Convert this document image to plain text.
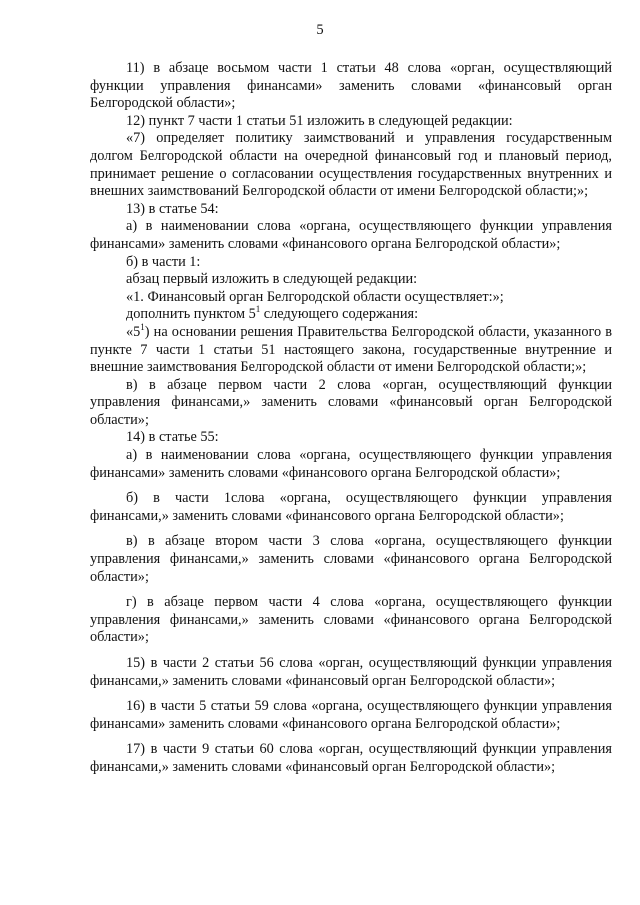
5

11) в абзаце восьмом части 1 статьи 48 слова «орган, осуществляющий функции управления финансами» заменить словами «финансовый орган Белгородской области»;

12) пункт 7 части 1 статьи 51 изложить в следующей редакции:

«7) определяет политику заимствований и управления государственным долгом Белгородской области на очередной финансовый год и плановый период, принимает решение о согласовании осуществления государственных внутренних и внешних заимствований Белгородской области от имени Белгородской области;»;

13) в статье 54:

а) в наименовании слова «органа, осуществляющего функции управления финансами» заменить словами «финансового органа Белгородской области»;

б) в части 1:

абзац первый изложить в следующей редакции:

«1. Финансовый орган Белгородской области осуществляет:»;

дополнить пунктом $5^1$ следующего содержания:

«$5^1$) на основании решения Правительства Белгородской области, указанного в пункте 7 части 1 статьи 51 настоящего закона, государственные внутренние и внешние заимствования Белгородской области от имени Белгородской области;»;

в) в абзаце первом части 2 слова «орган, осуществляющий функции управления финансами,» заменить словами «финансовый орган Белгородской области»;

14) в статье 55:

а) в наименовании слова «органа, осуществляющего функции управления финансами» заменить словами «финансового органа Белгородской области»;

б) в части 1слова «органа, осуществляющего функции управления финансами,» заменить словами «финансового органа Белгородской области»;

в) в абзаце втором части 3 слова «органа, осуществляющего функции управления финансами,» заменить словами «финансового органа Белгородской области»;

г) в абзаце первом части 4 слова «органа, осуществляющего функции управления финансами,» заменить словами «финансового органа Белгородской области»;

15) в части 2 статьи 56 слова «орган, осуществляющий функции управления финансами,» заменить словами «финансовый орган Белгородской области»;

16) в части 5 статьи 59 слова «органа, осуществляющего функции управления финансами» заменить словами «финансового органа Белгородской области»;

17) в части 9 статьи 60 слова «орган, осуществляющий функции управления финансами,» заменить словами «финансовый орган Белгородской области»;
